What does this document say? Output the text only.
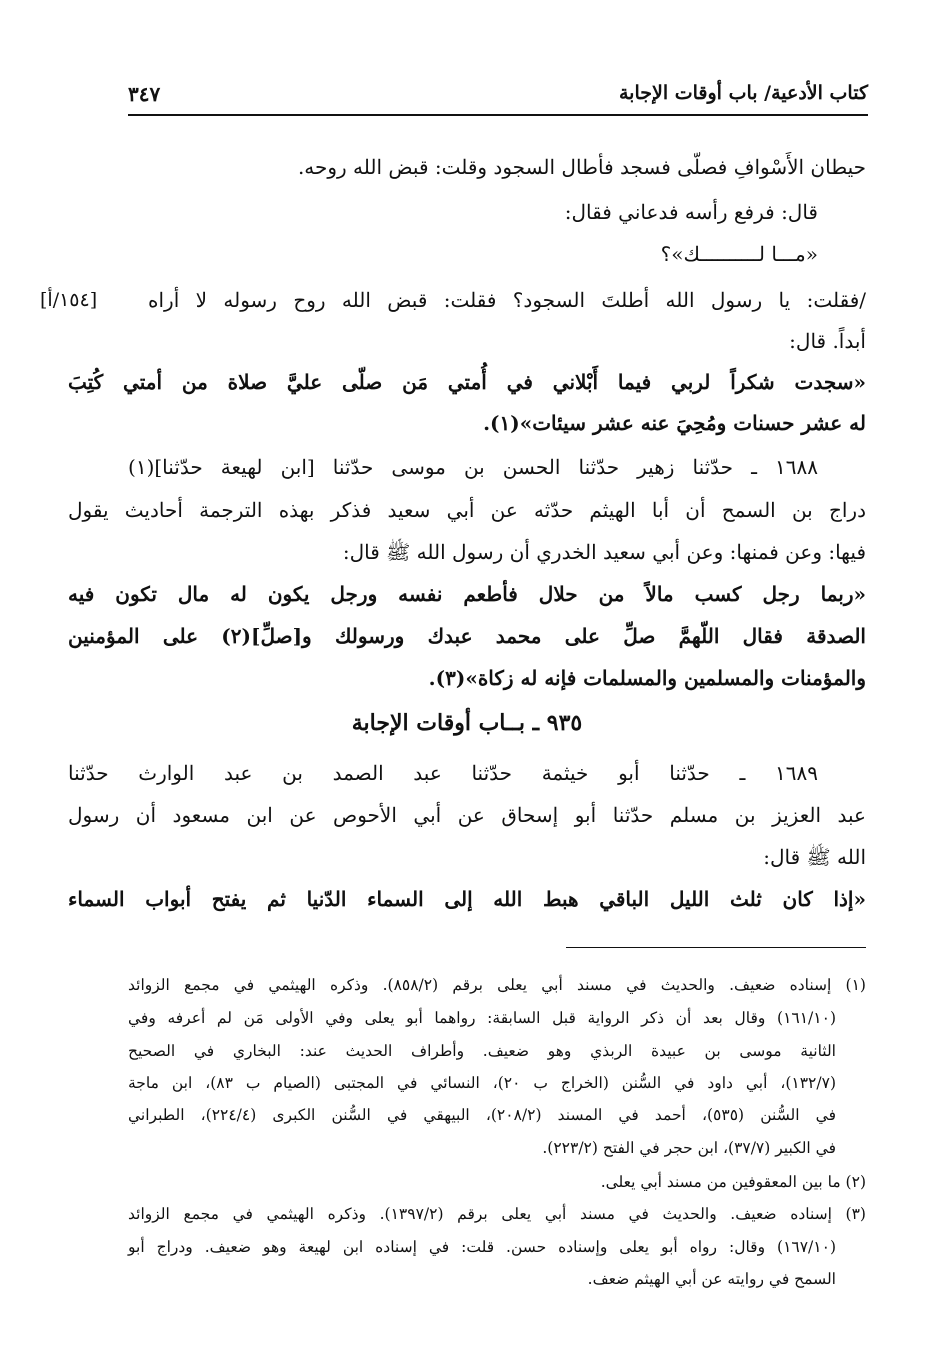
كتاب الأدعية/ باب أوقات الإجابة
٣٤٧
[١٥٤/أ]
حيطان الأَسْوافِ فصلّى فسجد فأطال السجود وقلت: قبض الله روحه.
قال: فرفع رأسه فدعاني فقال:
«مـــا لــــــــــك»؟
/فقلت: يا رسول الله أطلتَ السجود؟ فقلت: قبض الله روح رسوله لا أراه
أبداً. قال:
«سجدت شكراً لربي فيما أَبْلاني في أُمتي مَن صلّى عليَّ صلاة من أمتي كُتِبَ
له عشر حسنات ومُحِيَ عنه عشر سيئات»(١).
١٦٨٨ ـ حدّثنا زهير حدّثنا الحسن بن موسى حدّثنا [ابن لهيعة حدّثنا](١)
دراج بن السمح أن أبا الهيثم حدّثه عن أبي سعيد فذكر بهذه الترجمة أحاديث يقول
فيها: وعن فمنها: وعن أبي سعيد الخدري أن رسول الله ﷺ قال:
«ربما رجل كسب مالاً من حلال فأطعم نفسه ورجل يكون له مال تكون فيه
الصدقة فقال اللّهمَّ صلِّ على محمد عبدك ورسولك و[صلِّ](٢) على المؤمنين
والمؤمنات والمسلمين والمسلمات فإنه له زكاة»(٣).
٩٣٥ ـ بــاب أوقات الإجابة
١٦٨٩ ـ حدّثنا أبو خيثمة حدّثنا عبد الصمد بن عبد الوارث حدّثنا
عبد العزيز بن مسلم حدّثنا أبو إسحاق عن أبي الأحوص عن ابن مسعود أن رسول
الله ﷺ قال:
«إذا كان ثلث الليل الباقي هبط الله إلى السماء الدّنيا ثم يفتح أبواب السماء
(١) إسناده ضعيف. والحديث في مسند أبي يعلى برقم (٨٥٨/٢). وذكره الهيثمي في مجمع الزوائد
(١٦١/١٠) وقال بعد أن ذكر الرواية قبل السابقة: رواهما أبو يعلى وفي الأولى مَن لم أعرفه وفي
الثانية موسى بن عبيدة الربذي وهو ضعيف. وأطراف الحديث عند: البخاري في الصحيح
(١٣٢/٧)، أبي داود في السُّنن (الخراج ب ٢٠)، النسائي في المجتبى (الصيام ب ٨٣)، ابن ماجة
في السُّنن (٥٣٥)، أحمد في المسند (٢٠٨/٢)، البيهقي في السُّنن الكبرى (٢٢٤/٤)، الطبراني
في الكبير (٣٧/٧)، ابن حجر في الفتح (٢٢٣/٢).
(٢) ما بين المعقوفين من مسند أبي يعلى.
(٣) إسناده ضعيف. والحديث في مسند أبي يعلى برقم (١٣٩٧/٢). وذكره الهيثمي في مجمع الزوائد
(١٦٧/١٠) وقال: رواه أبو يعلى وإسناده حسن. قلت: في إسناده ابن لهيعة وهو ضعيف. ودراج أبو
السمح في روايته عن أبي الهيثم ضعف.
